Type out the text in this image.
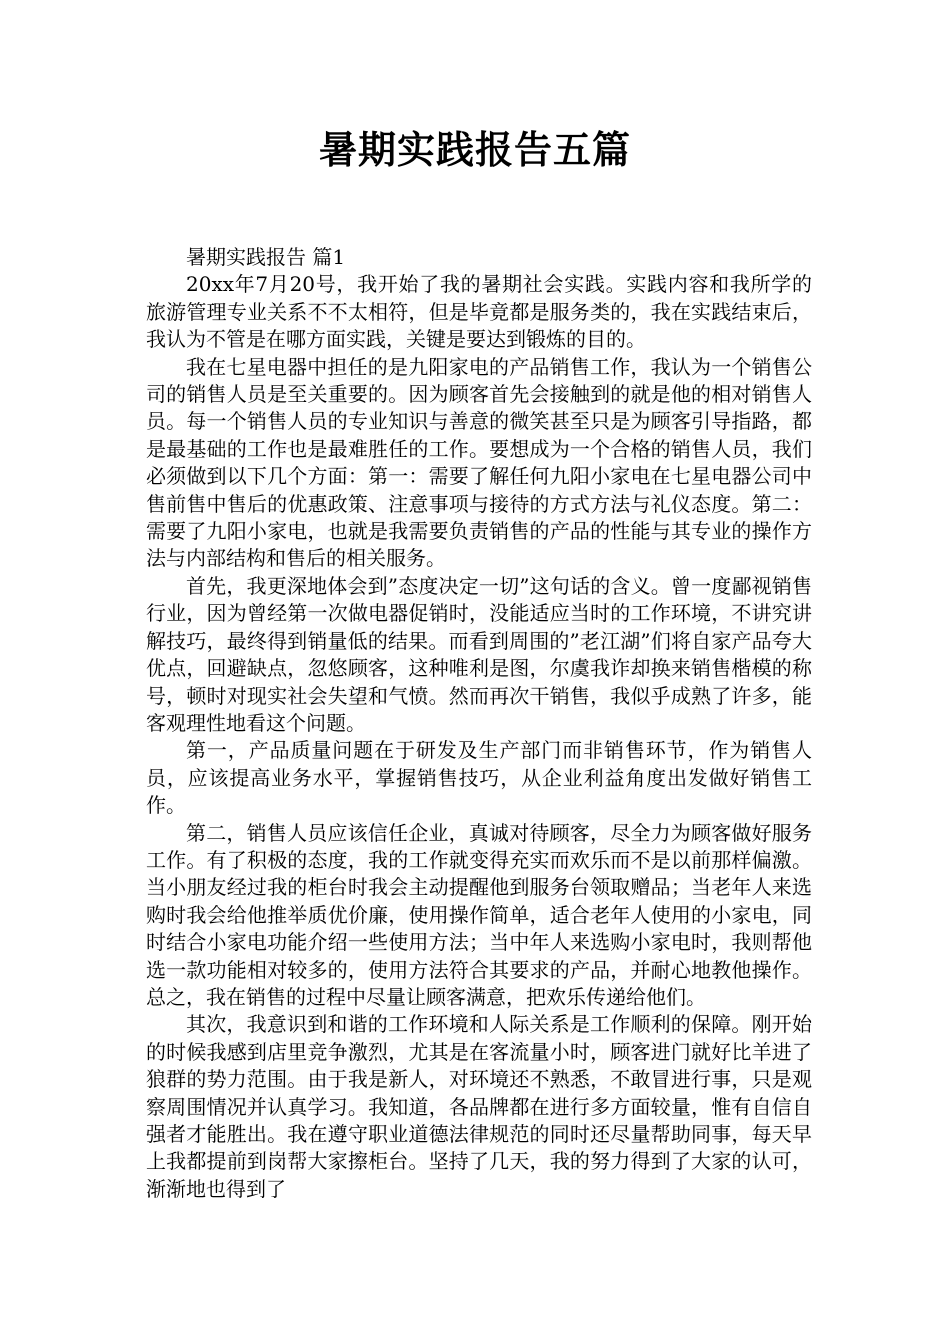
暑期实践报告五篇

暑期实践报告 篇1

20xx年7月20号，我开始了我的暑期社会实践。实践内容和我所学的旅游管理专业关系不不太相符，但是毕竟都是服务类的，我在实践结束后，我认为不管是在哪方面实践，关键是要达到锻炼的目的。

我在七星电器中担任的是九阳家电的产品销售工作，我认为一个销售公司的销售人员是至关重要的。因为顾客首先会接触到的就是他的相对销售人员。每一个销售人员的专业知识与善意的微笑甚至只是为顾客引导指路，都是最基础的工作也是最难胜任的工作。要想成为一个合格的销售人员，我们必须做到以下几个方面：第一：需要了解任何九阳小家电在七星电器公司中售前售中售后的优惠政策、注意事项与接待的方式方法与礼仪态度。第二：需要了九阳小家电，也就是我需要负责销售的产品的性能与其专业的操作方法与内部结构和售后的相关服务。

首先，我更深地体会到”态度决定一切”这句话的含义。曾一度鄙视销售行业，因为曾经第一次做电器促销时，没能适应当时的工作环境，不讲究讲解技巧，最终得到销量低的结果。而看到周围的”老江湖”们将自家产品夸大优点，回避缺点，忽悠顾客，这种唯利是图，尔虞我诈却换来销售楷模的称号，顿时对现实社会失望和气愤。然而再次干销售，我似乎成熟了许多，能客观理性地看这个问题。

第一，产品质量问题在于研发及生产部门而非销售环节，作为销售人员，应该提高业务水平，掌握销售技巧，从企业利益角度出发做好销售工作。

第二，销售人员应该信任企业，真诚对待顾客，尽全力为顾客做好服务工作。有了积极的态度，我的工作就变得充实而欢乐而不是以前那样偏激。当小朋友经过我的柜台时我会主动提醒他到服务台领取赠品；当老年人来选购时我会给他推举质优价廉，使用操作简单，适合老年人使用的小家电，同时结合小家电功能介绍一些使用方法；当中年人来选购小家电时，我则帮他选一款功能相对较多的，使用方法符合其要求的产品，并耐心地教他操作。总之，我在销售的过程中尽量让顾客满意，把欢乐传递给他们。

其次，我意识到和谐的工作环境和人际关系是工作顺利的保障。刚开始的时候我感到店里竞争激烈，尤其是在客流量小时，顾客进门就好比羊进了狼群的势力范围。由于我是新人，对环境还不熟悉，不敢冒进行事，只是观察周围情况并认真学习。我知道，各品牌都在进行多方面较量，惟有自信自强者才能胜出。我在遵守职业道德法律规范的同时还尽量帮助同事，每天早上我都提前到岗帮大家擦柜台。坚持了几天，我的努力得到了大家的认可，渐渐地也得到了
